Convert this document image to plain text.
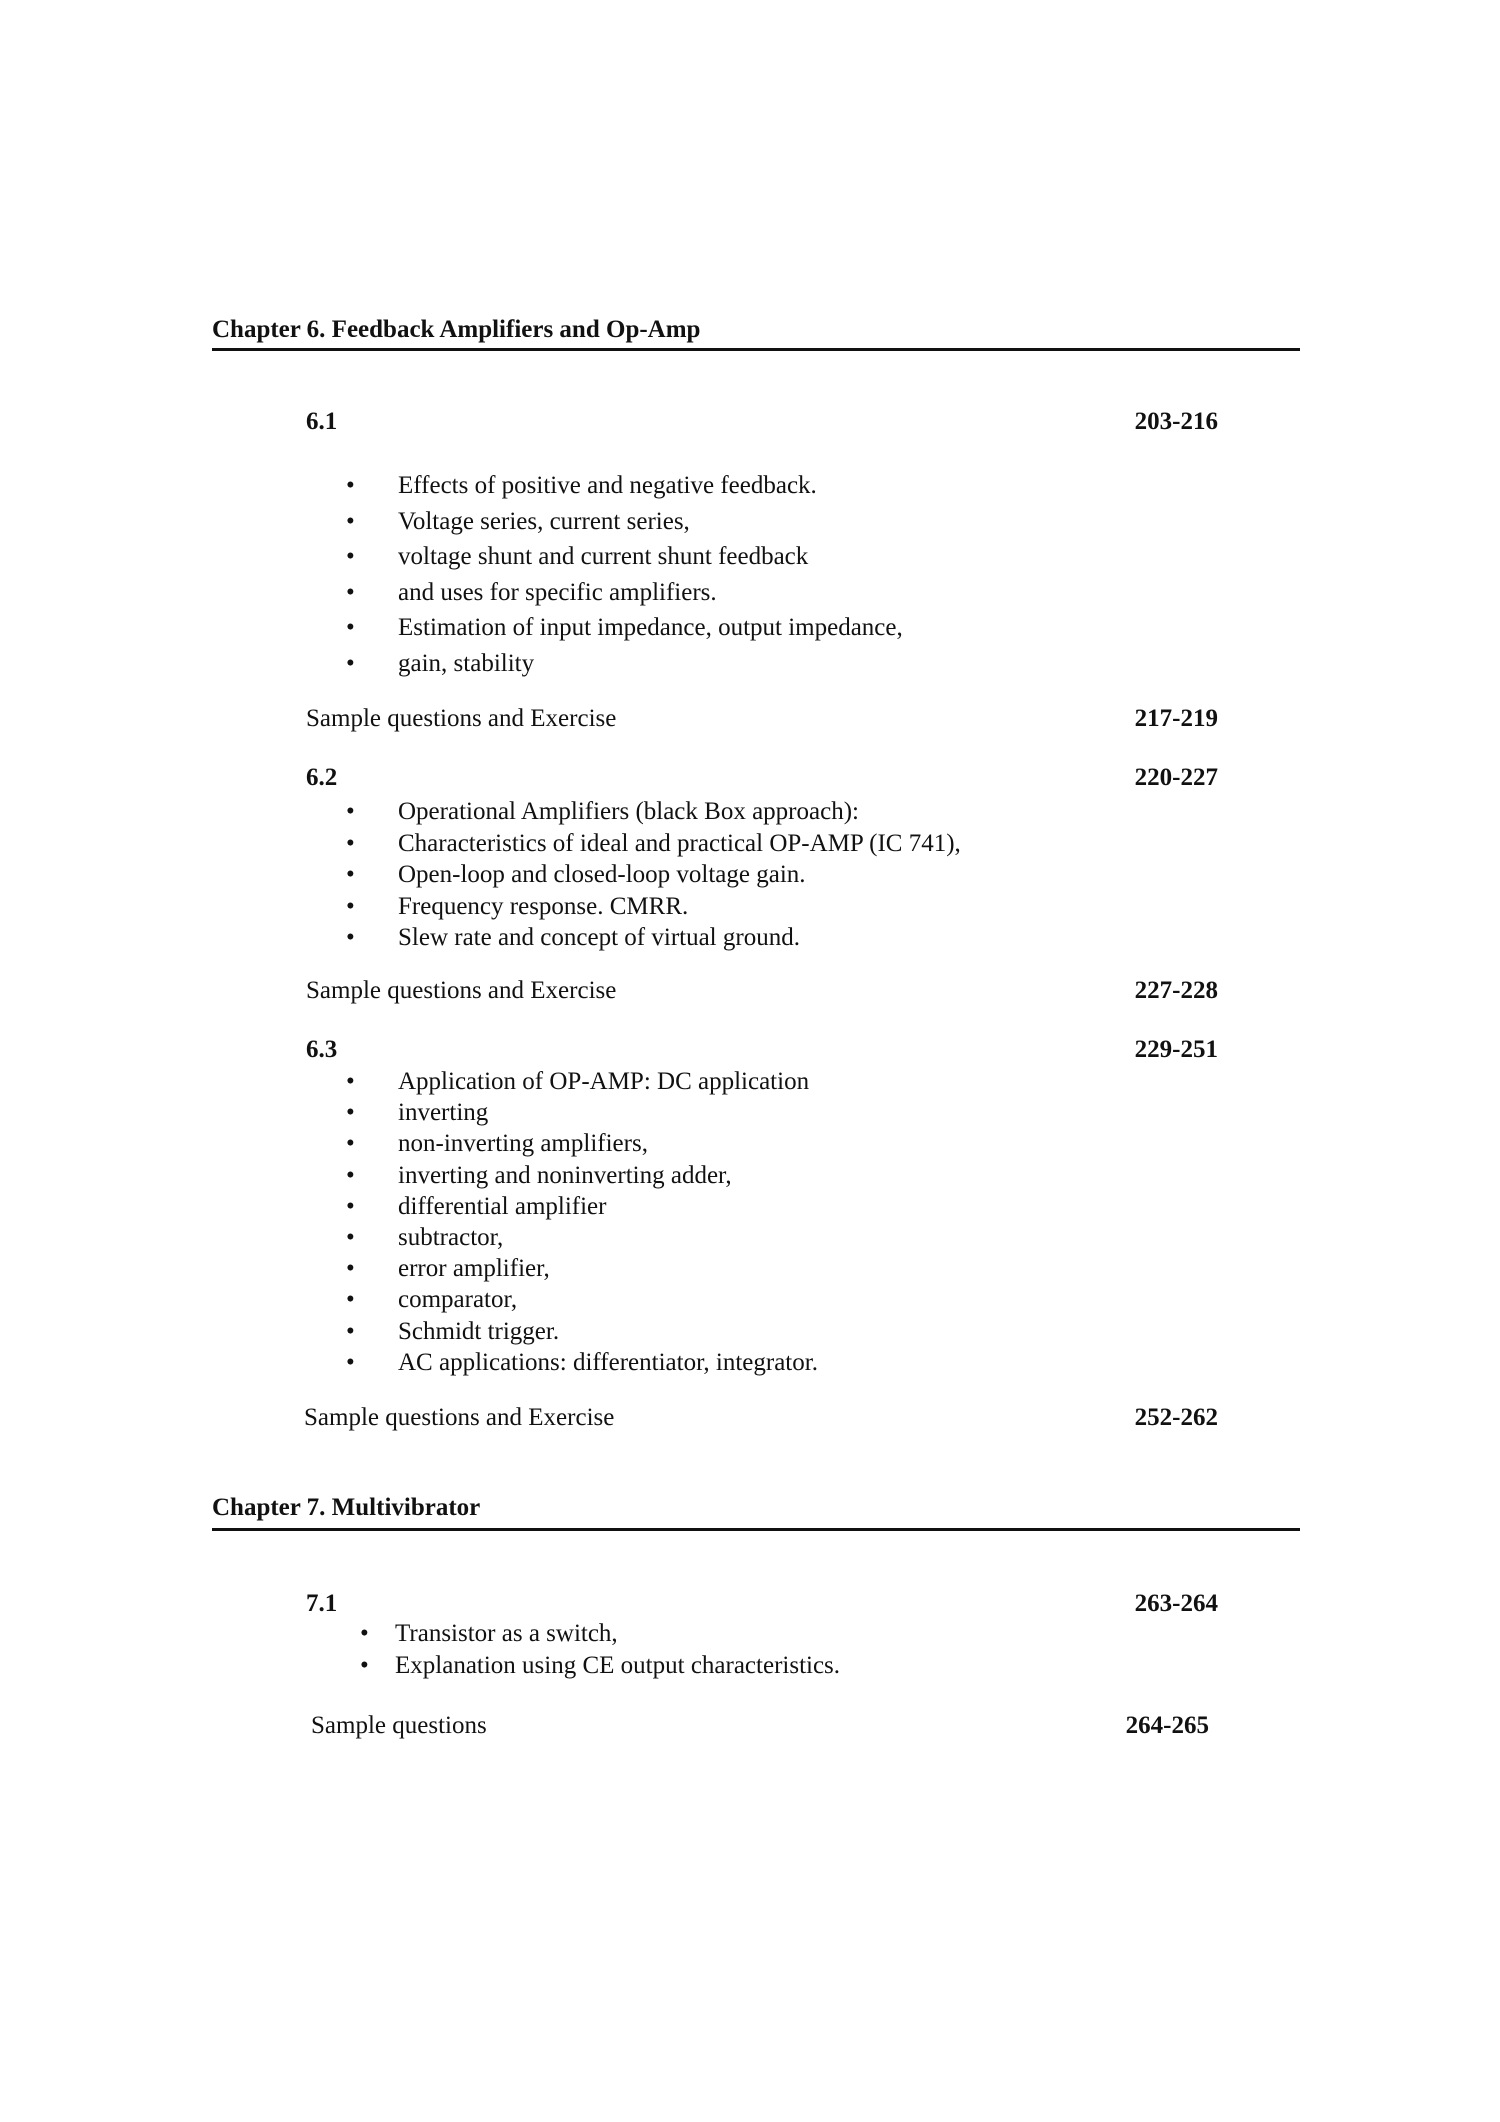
Chapter 6. Feedback Amplifiers and Op-Amp
6.1	203-216
• Effects of positive and negative feedback.
• Voltage series, current series,
• voltage shunt and current shunt feedback
• and uses for specific amplifiers.
• Estimation of input impedance, output impedance,
• gain, stability
Sample questions and Exercise	217-219
6.2	220-227
• Operational Amplifiers (black Box approach):
• Characteristics of ideal and practical OP-AMP (IC 741),
• Open-loop and closed-loop voltage gain.
• Frequency response. CMRR.
• Slew rate and concept of virtual ground.
Sample questions and Exercise	227-228
6.3	229-251
• Application of OP-AMP: DC application
• inverting
• non-inverting amplifiers,
• inverting and noninverting adder,
• differential amplifier
• subtractor,
• error amplifier,
• comparator,
• Schmidt trigger.
• AC applications: differentiator, integrator.
Sample questions and Exercise	252-262
Chapter 7. Multivibrator
7.1	263-264
• Transistor as a switch,
• Explanation using CE output characteristics.
Sample questions	264-265
